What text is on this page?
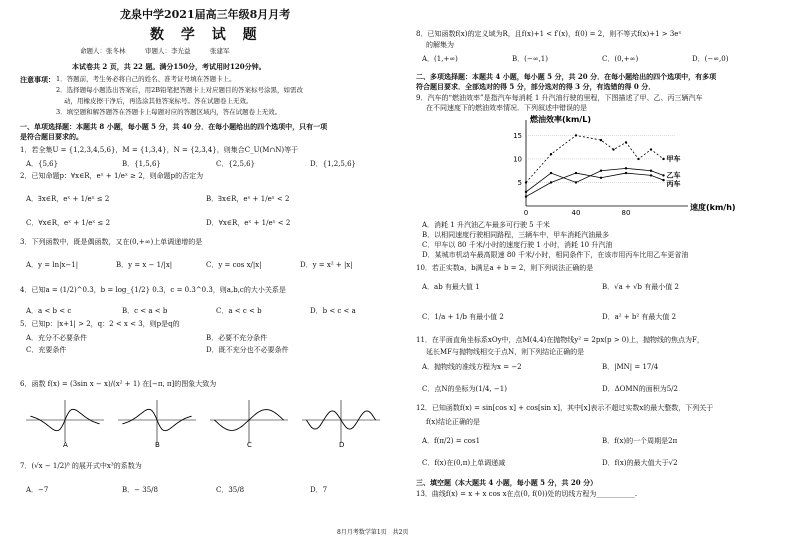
龙泉中学2021届高三年级8月月考
数 学 试 题
命题人：张冬林　　　审题人：李光益　　　张建军
本试卷共 2 页，共 22 题。满分150分，考试用时120分钟。
注意事项： 1．答题前，考生务必将自己的姓名、准考证号填在答题卡上。
2．选择题每小题选出答案后，用2B铅笔把答题卡上对应题目的答案标号涂黑，如需改
动，用橡皮擦干净后，再选涂其他答案标号。答在试题卷上无效。
3．填空题和解答题答在答题卡上每题对应的答题区域内，答在试题卷上无效。
一、单项选择题：本题共 8 小题，每小题 5 分，共 40 分．在每小题给出的四个选项中，只有一项
是符合题目要求的。
1．若全集U = {1,2,3,4,5,6}，M = {1,3,4}，N = {2,3,4}，则集合C_U(M∩N)等于
A．{5,6}	B．{1,5,6}	C．{2,5,6}	D．{1,2,5,6}
2．已知命题p：∀x∈R，eˣ + 1/eˣ ≥ 2，则命题p的否定为
A．∃x∈R，eˣ + 1/eˣ ≤ 2	B．∃x∈R，eˣ + 1/eˣ < 2
C．∀x∈R，eˣ + 1/eˣ ≤ 2	D．∀x∈R，eˣ + 1/eˣ < 2
3．下列函数中，既是偶函数，又在(0,+∞)上单调递增的是
A．y = ln|x−1|	B．y = x − 1/|x|	C．y = cos x/|x|	D．y = x² + |x|
4．已知a = (1/2)^0.3，b = log_{1/2} 0.3，c = 0.3^0.3，则a,b,c的大小关系是
A．a < b < c	B．c < a < b	C．a < c < b	D．b < c < a
5．已知p：|x+1| > 2，q：2 < x < 3，则p是q的
A．充分不必要条件	B．必要不充分条件
C．充要条件	D．既不充分也不必要条件
6．函数 f(x) = (3sin x − x)/(x² + 1) 在[−π, π]的图象大致为
A	B	C	D
7．(√x − 1/2)⁸ 的展开式中x³的系数为
A．−7	B．− 35/8	C．35/8	D．7
8．已知函数f(x)的定义域为R，且f(x)+1 < f′(x)，f(0) = 2，则不等式f(x)+1 > 3eˣ
的解集为
A．(1,+∞)	B．(−∞,1)	C．(0,+∞)	D．(−∞,0)
二、多项选择题：本题共 4 小题，每小题 5 分，共 20 分．在每小题给出的四个选项中，有多项
符合题目要求．全部选对的得 5 分，部分选对的得 3 分，有选错的得 0 分．
9．汽车的“燃油效率”是指汽车每消耗 1 升汽油行驶的里程，下图描述了甲、乙、丙三辆汽车
在不同速度下的燃油效率情况．下列叙述中错误的是
5
10
15
0	40	80
燃油效率(km/L)
速度(km/h)
甲车
乙车
丙车
A．消耗 1 升汽油乙车最多可行驶 5 千米
B．以相同速度行驶相同路程，三辆车中，甲车消耗汽油最多
C．甲车以 80 千米/小时的速度行驶 1 小时，消耗 10 升汽油
D．某城市机动车最高限速 80 千米/小时，相同条件下，在该市用丙车比用乙车更省油
10．若正实数a，b满足a + b = 2，则下列说法正确的是
A．ab 有最大值 1	B．√a + √b 有最小值 2
C．1/a + 1/b 有最小值 2	D．a² + b² 有最大值 2
11．在平面直角坐标系xOy中，点M(4,4)在抛物线y² = 2px(p > 0)上，抛物线的焦点为F，
延长MF与抛物线相交于点N，则下列结论正确的是
A．抛物线的准线方程为x = −2	B．|MN| = 17/4
C．点N的坐标为(1/4, −1)	D．ΔOMN的面积为5/2
12．已知函数f(x) = sin[cos x] + cos[sin x]，其中[x]表示不超过实数x的最大整数，下列关于
f(x)结论正确的是
A．f(π/2) = cos1	B．f(x)的一个周期是2π
C．f(x)在(0,π)上单调递减	D．f(x)的最大值大于√2
三、填空题（本大题共 4 小题，每小题 5 分，共 20 分）
13．曲线f(x) = x + x cos x在点(0, f(0))处的切线方程为___________.
8月月考数学第1页　共2页
